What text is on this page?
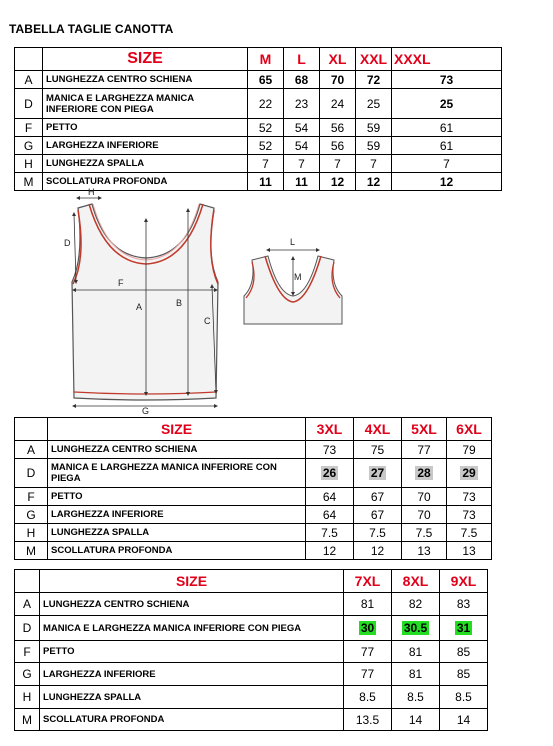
TABELLA TAGLIE CANOTTA
	SIZE	M	L	XL	XXL	XXXL
A	LUNGHEZZA CENTRO SCHIENA	65	68	70	72	73
D	MANICA E LARGHEZZA MANICA INFERIORE CON PIEGA	22	23	24	25	25
F	PETTO	52	54	56	59	61
G	LARGHEZZA INFERIORE	52	54	56	59	61
H	LUNGHEZZA SPALLA	7	7	7	7	7
M	SCOLLATURA PROFONDA	11	11	12	12	12
H
D
F
A	B
C
G
L
M
	SIZE	3XL	4XL	5XL	6XL
A	LUNGHEZZA CENTRO SCHIENA	73	75	77	79
D	MANICA E LARGHEZZA MANICA INFERIORE CON PIEGA	26	27	28	29
F	PETTO	64	67	70	73
G	LARGHEZZA INFERIORE	64	67	70	73
H	LUNGHEZZA SPALLA	7.5	7.5	7.5	7.5
M	SCOLLATURA PROFONDA	12	12	13	13
	SIZE	7XL	8XL	9XL
A	LUNGHEZZA CENTRO SCHIENA	81	82	83
D	MANICA E LARGHEZZA MANICA INFERIORE CON PIEGA	30	30.5	31
F	PETTO	77	81	85
G	LARGHEZZA INFERIORE	77	81	85
H	LUNGHEZZA SPALLA	8.5	8.5	8.5
M	SCOLLATURA PROFONDA	13.5	14	14
